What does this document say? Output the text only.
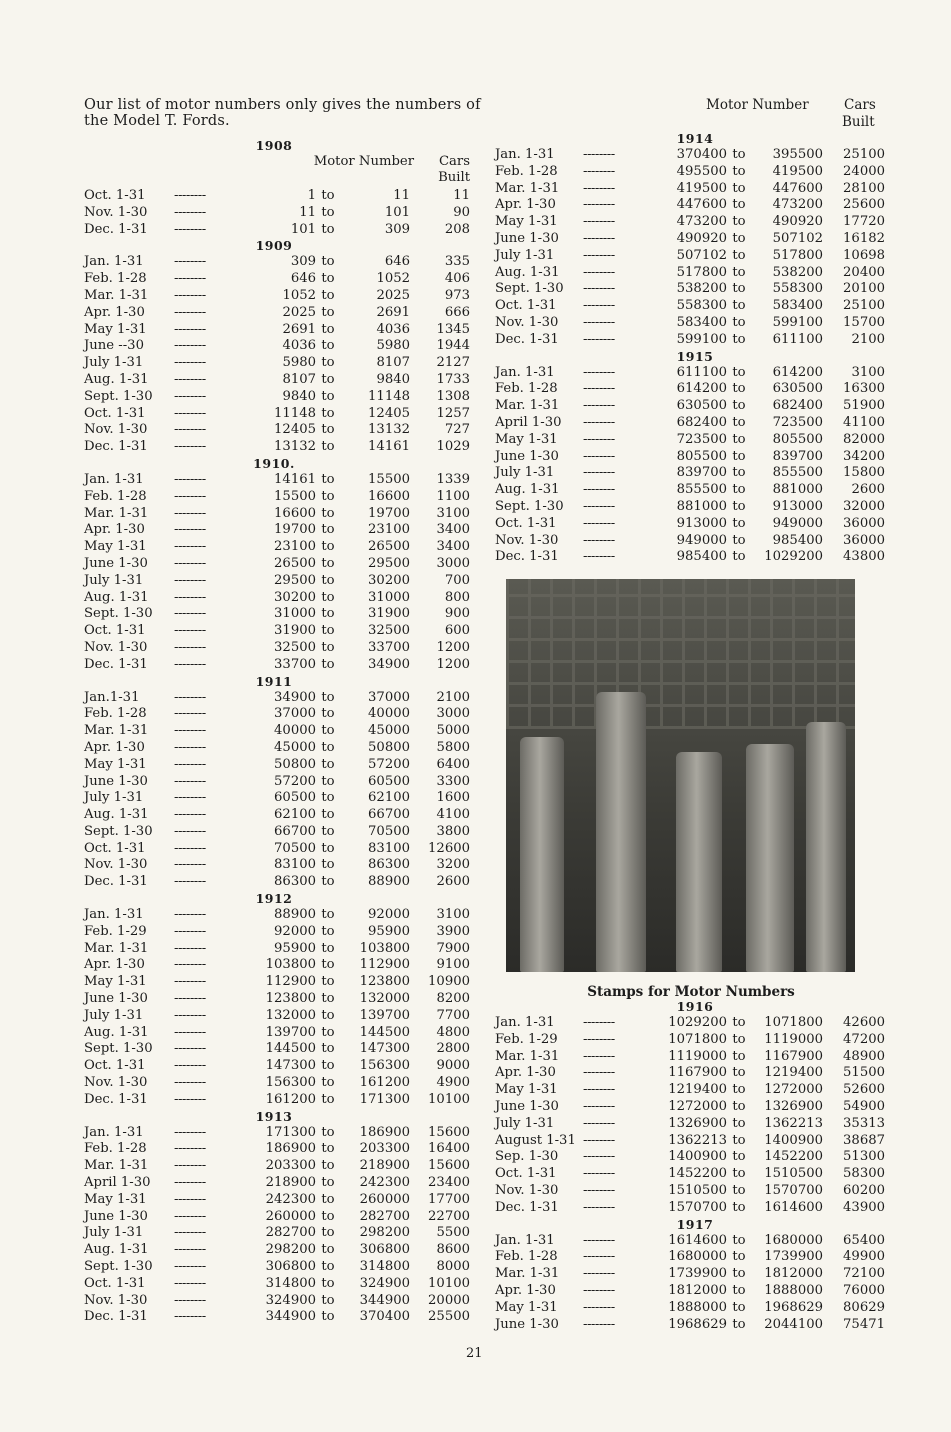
Our list of motor numbers only gives the numbers of the Model T. Fords.
1908
Motor Number	Cars
Built
Oct. 1-31 --------	1 to	11	11
Nov. 1-30 --------	11 to	101	90
Dec. 1-31 --------	101 to	309	208
1909
Jan. 1-31 --------	309 to	646	335
Feb. 1-28 --------	646 to	1052	406
Mar. 1-31 --------	1052 to	2025	973
Apr. 1-30 --------	2025 to	2691	666
May 1-31 --------	2691 to	4036	1345
June --30 --------	4036 to	5980	1944
July 1-31 --------	5980 to	8107	2127
Aug. 1-31 --------	8107 to	9840	1733
Sept. 1-30 --------	9840 to	11148	1308
Oct. 1-31 --------	11148 to	12405	1257
Nov. 1-30 --------	12405 to	13132	727
Dec. 1-31 --------	13132 to	14161	1029
1910.
Jan. 1-31 --------	14161 to	15500	1339
Feb. 1-28 --------	15500 to	16600	1100
Mar. 1-31 --------	16600 to	19700	3100
Apr. 1-30 --------	19700 to	23100	3400
May 1-31 --------	23100 to	26500	3400
June 1-30 --------	26500 to	29500	3000
July 1-31 --------	29500 to	30200	700
Aug. 1-31 --------	30200 to	31000	800
Sept. 1-30 --------	31000 to	31900	900
Oct. 1-31 --------	31900 to	32500	600
Nov. 1-30 --------	32500 to	33700	1200
Dec. 1-31 --------	33700 to	34900	1200
1911
Jan.1-31	--------	34900 to	37000	2100
Feb. 1-28 --------	37000 to	40000	3000
Mar. 1-31 --------	40000 to	45000	5000
Apr. 1-30 --------	45000 to	50800	5800
May 1-31 --------	50800 to	57200	6400
June 1-30 --------	57200 to	60500	3300
July 1-31 --------	60500 to	62100	1600
Aug. 1-31 --------	62100 to	66700	4100
Sept. 1-30 --------	66700 to	70500	3800
Oct. 1-31 --------	70500 to	83100	12600
Nov. 1-30 --------	83100 to	86300	3200
Dec. 1-31 --------	86300 to	88900	2600
1912
Jan. 1-31 --------	88900 to	92000	3100
Feb. 1-29 --------	92000 to	95900	3900
Mar. 1-31 --------	95900 to	103800	7900
Apr. 1-30 --------	103800 to	112900	9100
May 1-31 --------	112900 to	123800	10900
June 1-30 --------	123800 to	132000	8200
July 1-31 --------	132000 to	139700	7700
Aug. 1-31 --------	139700 to	144500	4800
Sept. 1-30 --------	144500 to	147300	2800
Oct. 1-31 --------	147300 to	156300	9000
Nov. 1-30 --------	156300 to	161200	4900
Dec. 1-31 --------	161200 to	171300	10100
1913
Jan. 1-31 --------	171300 to	186900	15600
Feb. 1-28 --------	186900 to	203300	16400
Mar. 1-31 --------	203300 to	218900	15600
April 1-30 --------	218900 to	242300	23400
May 1-31 --------	242300 to	260000	17700
June 1-30 --------	260000 to	282700	22700
July 1-31 --------	282700 to	298200	5500
Aug. 1-31 --------	298200 to	306800	8600
Sept. 1-30 --------	306800 to	314800	8000
Oct. 1-31 --------	314800 to	324900	10100
Nov. 1-30 --------	324900 to	344900	20000
Dec. 1-31 --------	344900 to	370400	25500
Motor Number	Cars
Built
1914
Jan. 1-31 --------	370400 to	395500	25100
Feb. 1-28 --------	495500 to	419500	24000
Mar. 1-31 --------	419500 to	447600	28100
Apr. 1-30 --------	447600 to	473200	25600
May 1-31 --------	473200 to	490920	17720
June 1-30 --------	490920 to	507102	16182
July 1-31 --------	507102 to	517800	10698
Aug. 1-31 --------	517800 to	538200	20400
Sept. 1-30 --------	538200 to	558300	20100
Oct. 1-31 --------	558300 to	583400	25100
Nov. 1-30 --------	583400 to	599100	15700
Dec. 1-31 --------	599100 to	611100	2100
1915
Jan. 1-31 --------	611100 to	614200	3100
Feb. 1-28 --------	614200 to	630500	16300
Mar. 1-31 --------	630500 to	682400	51900
April 1-30 --------	682400 to	723500	41100
May 1-31 --------	723500 to	805500	82000
June 1-30 --------	805500 to	839700	34200
July 1-31 --------	839700 to	855500	15800
Aug. 1-31 --------	855500 to	881000	2600
Sept. 1-30 --------	881000 to	913000	32000
Oct. 1-31 --------	913000 to	949000	36000
Nov. 1-30 --------	949000 to	985400	36000
Dec. 1-31 --------	985400 to	1029200	43800
Stamps for Motor Numbers
1916
Jan. 1-31 --------	1029200 to	1071800	42600
Feb. 1-29 --------	1071800 to	1119000	47200
Mar. 1-31 --------	1119000 to	1167900	48900
Apr. 1-30 --------	1167900 to	1219400	51500
May 1-31 --------	1219400 to	1272000	52600
June 1-30 --------	1272000 to	1326900	54900
July 1-31 --------	1326900 to	1362213	35313
August 1-31 --------	1362213 to	1400900	38687
Sep. 1-30 --------	1400900 to	1452200	51300
Oct. 1-31 --------	1452200 to	1510500	58300
Nov. 1-30 --------	1510500 to	1570700	60200
Dec. 1-31 --------	1570700 to	1614600	43900
1917
Jan. 1-31 --------	1614600 to	1680000	65400
Feb. 1-28 --------	1680000 to	1739900	49900
Mar. 1-31 --------	1739900 to	1812000	72100
Apr. 1-30 --------	1812000 to	1888000	76000
May 1-31 --------	1888000 to	1968629	80629
June 1-30 --------	1968629 to	2044100	75471
21
